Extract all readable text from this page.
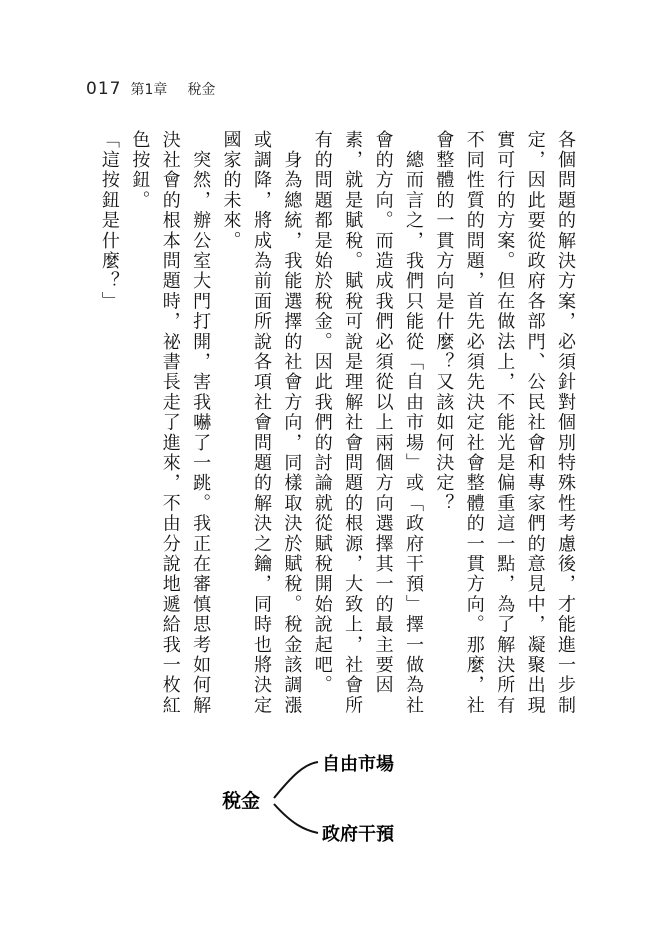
017 第1章 稅金

各個問題的解決方案，必須針對個別特殊性考慮後，才能進一步制定，因此要從政府各部門、公民社會和專家們的意見中，凝聚出現實可行的方案。但在做法上，不能光是偏重這一點，為了解決所有不同性質的問題，首先必須先決定社會整體的一貫方向。那麼，社會整體的一貫方向是什麼？又該如何決定？

　總而言之，我們只能從「自由市場」或「政府干預」擇一做為社會的方向。而造成我們必須從以上兩個方向選擇其一的最主要因素，就是賦稅。賦稅可說是理解社會問題的根源，大致上，社會所有的問題都是始於稅金。因此我們的討論就從賦稅開始說起吧。

　身為總統，我能選擇的社會方向，同樣取決於賦稅。稅金該調漲或調降，將成為前面所說各項社會問題的解決之鑰，同時也將決定國家的未來。

　突然，辦公室大門打開，害我嚇了一跳。我正在審慎思考如何解決社會的根本問題時，祕書長走了進來，不由分說地遞給我一枚紅色按鈕。

「這按鈕是什麼？」

稅金
自由市場
政府干預
